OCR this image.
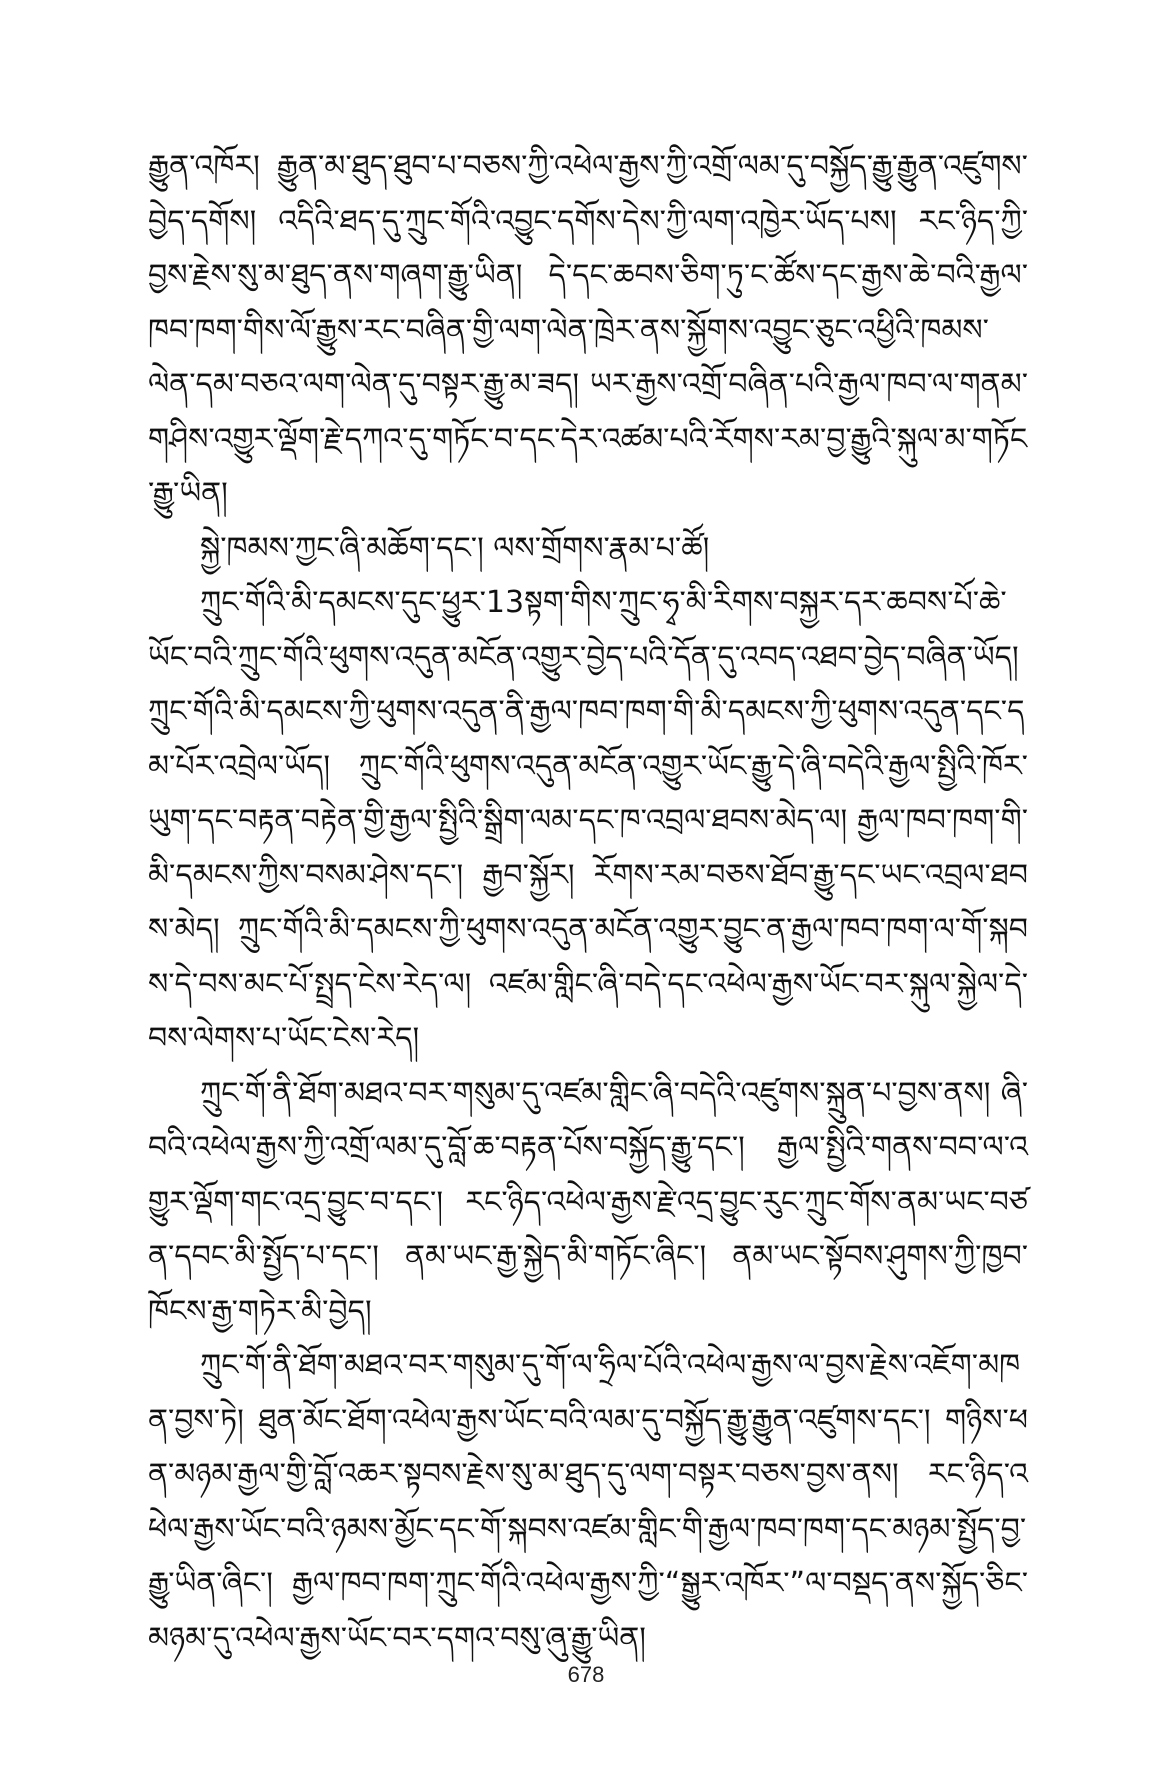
རྒྱུན་འཁོར། རྒྱུན་མ་ཐུད་ཐུབ་པ་བཅས་ཀྱི་འཕེལ་རྒྱས་ཀྱི་འགྲོ་ལམ་དུ་བསྐྱོད་རྒྱུ་རྒྱུན་འཛུགས་བྱེད་དགོས། འདིའི་ཐད་དུ་ཀྲུང་གོའི་འབྱུང་དགོས་དེས་ཀྱི་ལག་འཁྱེར་ཡོད་པས། རང་ཉིད་ཀྱི་བྱས་རྗེས་སུ་མ་ཐུད་ནས་གཞག་རྒྱུ་ཡིན། དེ་དང་ཆབས་ཅིག་ཏུ་ང་ཚོས་དང་རྒྱས་ཆེ་བའི་རྒྱལ་ཁབ་ཁག་གིས་ལོ་རྒྱུས་རང་བཞིན་གྱི་ལག་ལེན་ཁྲེར་ནས་སྐྱོགས་འབྱུང་ཅུང་འཕྱིའི་ཁམས་ལེན་དམ་བཅའ་ལག་ལེན་དུ་བསྟར་རྒྱུ་མ་ཟད། ཡར་རྒྱས་འགྲོ་བཞིན་པའི་རྒྱལ་ཁབ་ལ་གནམ་གཤིས་འགྱུར་ལྡོག་རྗེ་དཀའ་དུ་གཏོང་བ་དང་དེར་འཚམ་པའི་རོགས་རམ་བྱ་རྒྱུའི་སྐུལ་མ་གཏོང་རྒྱུ་ཡིན།

སྐྱེ་ཁམས་ཀྱང་ཞི་མཆོག་དང་། ལས་གྲོགས་རྣམ་པ་ཚོ།

ཀྲུང་གོའི་མི་དམངས་དུང་ཕྱུར་13སྟག་གིས་ཀྲུང་ཧྭ་མི་རིགས་བསྐྱར་དར་ཆབས་པོ་ཆེ་ཡོང་བའི་ཀྲུང་གོའི་ཕུགས་འདུན་མངོན་འགྱུར་བྱེད་པའི་དོན་དུ་འབད་འཐབ་བྱེད་བཞིན་ཡོད། ཀྲུང་གོའི་མི་དམངས་ཀྱི་ཕུགས་འདུན་ནི་རྒྱལ་ཁབ་ཁག་གི་མི་དམངས་ཀྱི་ཕུགས་འདུན་དང་དམ་པོར་འབྲེལ་ཡོད། ཀྲུང་གོའི་ཕུགས་འདུན་མངོན་འགྱུར་ཡོང་རྒྱུ་དེ་ཞི་བདེའི་རྒྱལ་སྤྱིའི་ཁོར་ཡུག་དང་བརྟན་བརྟེན་གྱི་རྒྱལ་སྤྱིའི་སྒྲིག་ལམ་དང་ཁ་འབྲལ་ཐབས་མེད་ལ། རྒྱལ་ཁབ་ཁག་གི་མི་དམངས་ཀྱིས་བསམ་ཤེས་དང་། རྒྱབ་སྐྱོར། རོགས་རམ་བཅས་ཐོབ་རྒྱུ་དང་ཡང་འབྲལ་ཐབས་མེད། ཀྲུང་གོའི་མི་དམངས་ཀྱི་ཕུགས་འདུན་མངོན་འགྱུར་བྱུང་ན་རྒྱལ་ཁབ་ཁག་ལ་གོ་སྐབས་དེ་བས་མང་པོ་སྤྲད་ངེས་རེད་ལ། འཛམ་གླིང་ཞི་བདེ་དང་འཕེལ་རྒྱས་ཡོང་བར་སྐུལ་སྐྱེལ་དེ་བས་ལེགས་པ་ཡོང་ངེས་རེད།

ཀྲུང་གོ་ནི་ཐོག་མཐའ་བར་གསུམ་དུ་འཛམ་གླིང་ཞི་བདེའི་འཛུགས་སྐྲུན་པ་བྱས་ནས། ཞི་བའི་འཕེལ་རྒྱས་ཀྱི་འགྲོ་ལམ་དུ་བློ་ཆ་བརྟན་པོས་བསྐྱོད་རྒྱུ་དང་། རྒྱལ་སྤྱིའི་གནས་བབ་ལ་འགྱུར་ལྡོག་གང་འདྲ་བྱུང་བ་དང་། རང་ཉིད་འཕེལ་རྒྱས་རྗེ་འདྲ་བྱུང་རུང་ཀྲུང་གོས་ནམ་ཡང་བཙན་དབང་མི་སྤྱོད་པ་དང་། ནམ་ཡང་རྒྱ་སྐྱེད་མི་གཏོང་ཞིང་། ནམ་ཡང་སྟོབས་ཤུགས་ཀྱི་ཁྱབ་ཁོངས་རྒྱ་གཏེར་མི་བྱེད།

ཀྲུང་གོ་ནི་ཐོག་མཐའ་བར་གསུམ་དུ་གོ་ལ་ཧྲིལ་པོའི་འཕེལ་རྒྱས་ལ་བྱས་རྗེས་འཇོག་མཁན་བྱས་ཏེ། ཐུན་མོང་ཐོག་འཕེལ་རྒྱས་ཡོང་བའི་ལམ་དུ་བསྐྱོད་རྒྱུ་རྒྱུན་འཛུགས་དང་། གཉིས་ཕན་མཉམ་རྒྱལ་གྱི་བློ་འཆར་སྟབས་རྗེས་སུ་མ་ཐུད་དུ་ལག་བསྟར་བཅས་བྱས་ནས། རང་ཉིད་འཕེལ་རྒྱས་ཡོང་བའི་ཉམས་མྱོང་དང་གོ་སྐབས་འཛམ་གླིང་གི་རྒྱལ་ཁབ་ཁག་དང་མཉམ་སྤྱོད་བྱ་རྒྱུ་ཡིན་ཞིང་། རྒྱལ་ཁབ་ཁག་ཀྲུང་གོའི་འཕེལ་རྒྱས་ཀྱི་“སྒྱུར་འཁོར་”ལ་བསྡད་ནས་སྐྱོད་ཅིང་མཉམ་དུ་འཕེལ་རྒྱས་ཡོང་བར་དགའ་བསུ་ཞུ་རྒྱུ་ཡིན།

678
